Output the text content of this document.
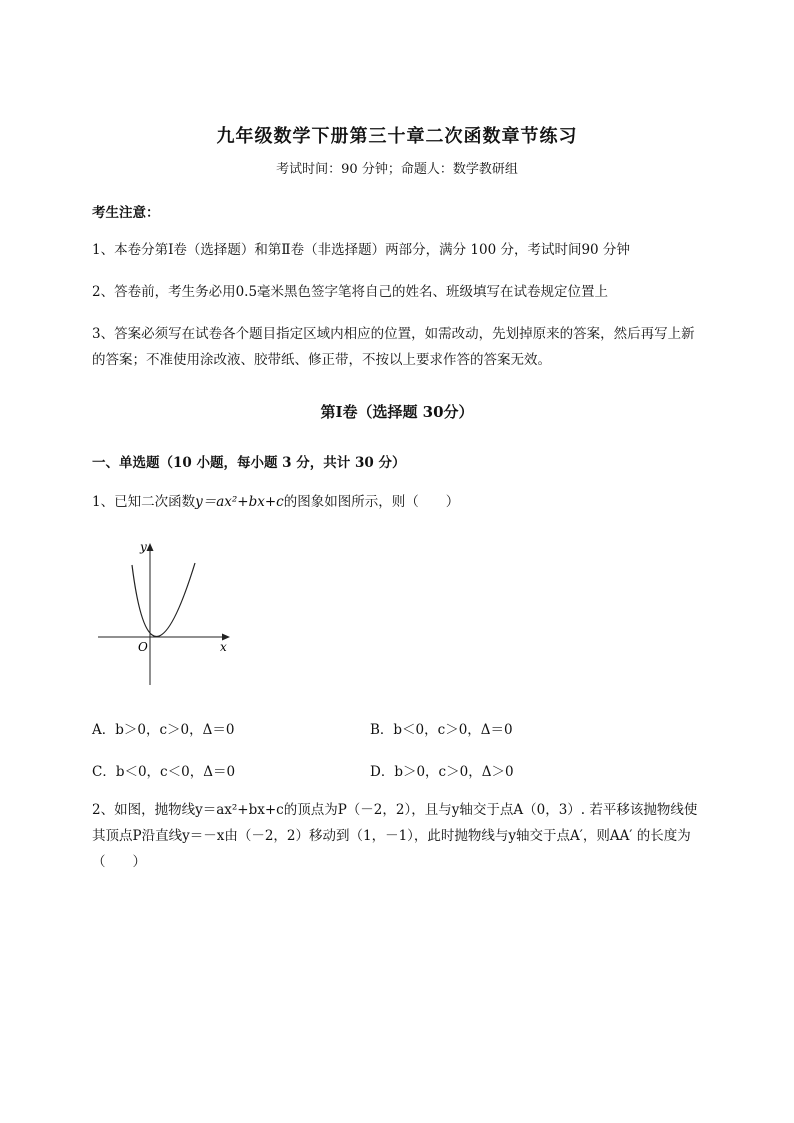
九年级数学下册第三十章二次函数章节练习
考试时间：90 分钟；命题人：数学教研组
考生注意：
1、本卷分第Ⅰ卷（选择题）和第Ⅱ卷（非选择题）两部分，满分 100 分，考试时间90 分钟
2、答卷前，考生务必用0.5毫米黑色签字笔将自己的姓名、班级填写在试卷规定位置上
3、答案必须写在试卷各个题目指定区域内相应的位置，如需改动，先划掉原来的答案，然后再写上新的答案；不准使用涂改液、胶带纸、修正带，不按以上要求作答的答案无效。
第Ⅰ卷（选择题 30分）
一、单选题（10 小题，每小题 3 分，共计 30 分）
1、已知二次函数y＝ax²+bx+c的图象如图所示，则（　　）
y
x
O
A．b＞0，c＞0，Δ＝0	B．b＜0，c＞0，Δ＝0
C．b＜0，c＜0，Δ＝0	D．b＞0，c＞0，Δ＞0
2、如图，抛物线y＝ax²+bx+c的顶点为P（－2，2），且与y轴交于点A（0，3）. 若平移该抛物线使其顶点P沿直线y＝－x由（－2，2）移动到（1，－1），此时抛物线与y轴交于点A′，则AA′ 的长度为（　　）
